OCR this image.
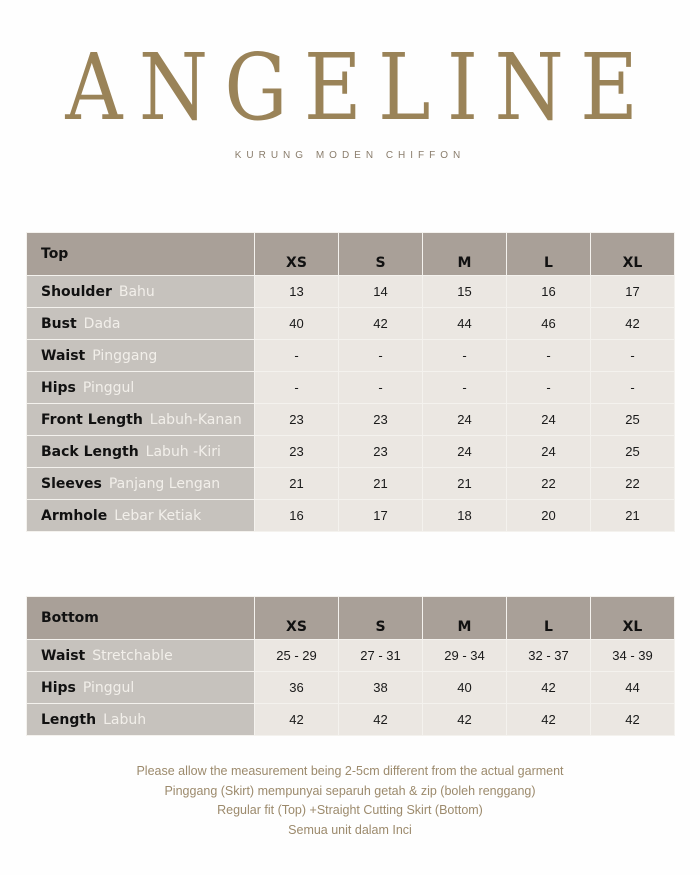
ANGELINE
KURUNG MODEN CHIFFON
Top	XS	S	M	L	XL
Shoulder Bahu	13	14	15	16	17
Bust Dada	40	42	44	46	42
Waist Pinggang	-	-	-	-	-
Hips Pinggul	-	-	-	-	-
Front Length Labuh-Kanan	23	23	24	24	25
Back Length Labuh -Kiri	23	23	24	24	25
Sleeves Panjang Lengan	21	21	21	22	22
Armhole Lebar Ketiak	16	17	18	20	21
Bottom	XS	S	M	L	XL
Waist Stretchable	25 - 29	27 - 31	29 - 34	32 - 37	34 - 39
Hips Pinggul	36	38	40	42	44
Length Labuh	42	42	42	42	42
Please allow the measurement being 2-5cm different from the actual garment
Pinggang (Skirt) mempunyai separuh getah & zip (boleh renggang)
Regular fit (Top) +Straight Cutting Skirt (Bottom)
Semua unit dalam Inci
